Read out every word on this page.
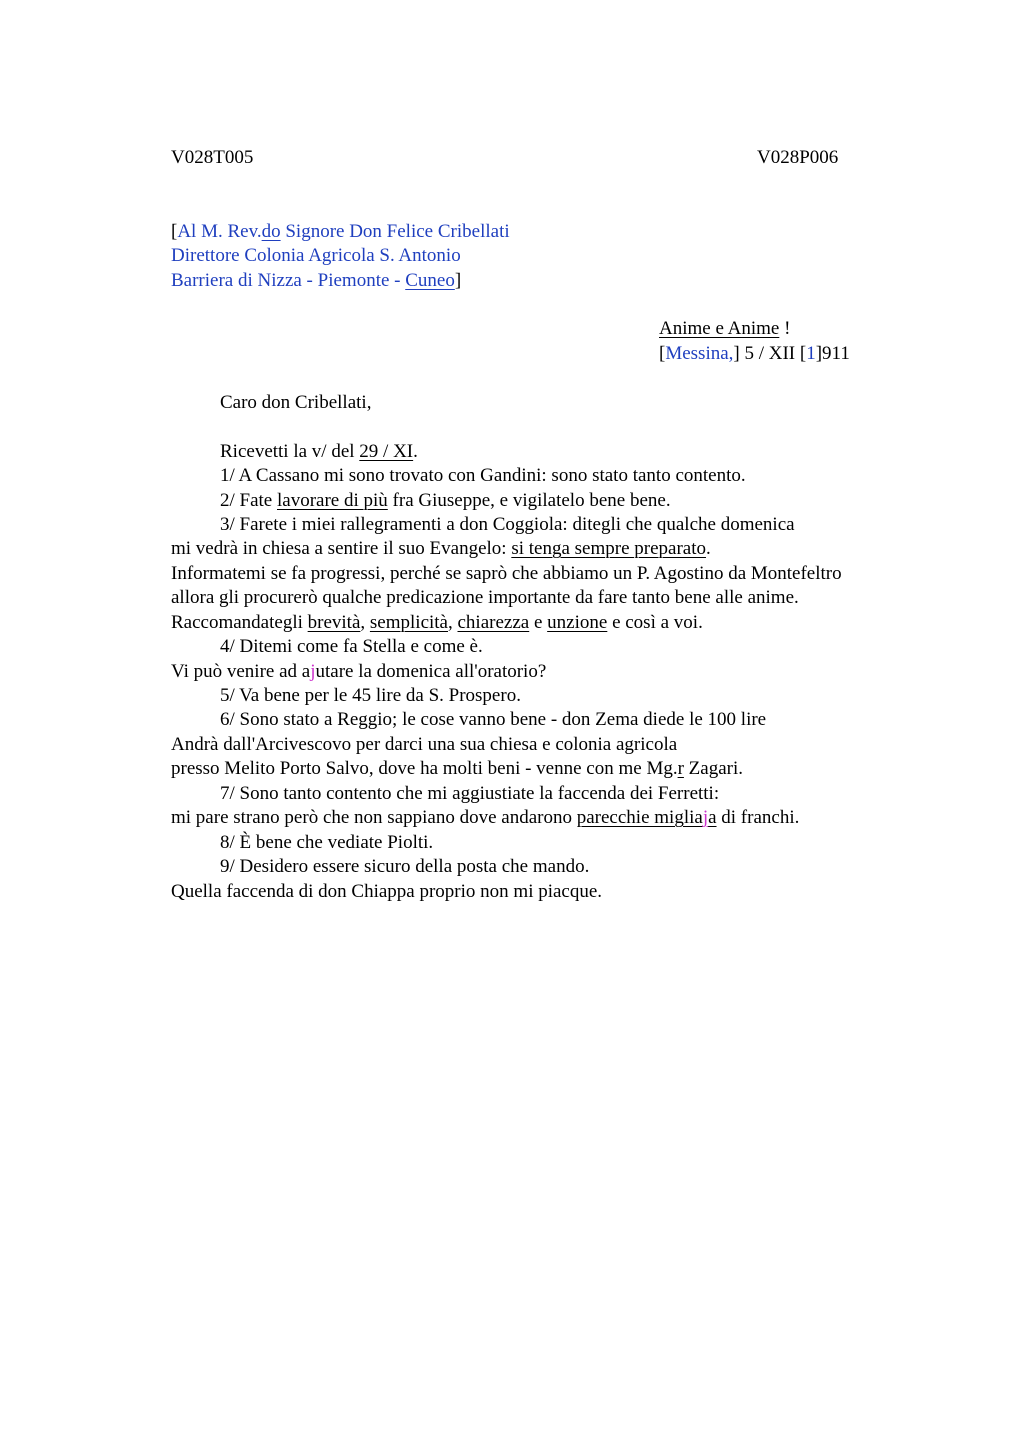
V028T005	V028P006
[Al M. Rev.do Signore Don Felice Cribellati
Direttore Colonia Agricola S. Antonio
Barriera di Nizza - Piemonte - Cuneo]
Anime e Anime !
[Messina,] 5 / XII [1]911
Caro don Cribellati,
Ricevetti la v/ del 29 / XI.
1/ A Cassano mi sono trovato con Gandini: sono stato tanto contento.
2/ Fate lavorare di più fra Giuseppe, e vigilatelo bene bene.
3/ Farete i miei rallegramenti a don Coggiola: ditegli che qualche domenica
mi vedrà in chiesa a sentire il suo Evangelo: si tenga sempre preparato.
Informatemi se fa progressi, perché se saprò che abbiamo un P. Agostino da Montefeltro
allora gli procurerò qualche predicazione importante da fare tanto bene alle anime.
Raccomandategli brevità, semplicità, chiarezza e unzione e così a voi.
4/ Ditemi come fa Stella e come è.
Vi può venire ad ajutare la domenica all'oratorio?
5/ Va bene per le 45 lire da S. Prospero.
6/ Sono stato a Reggio; le cose vanno bene - don Zema diede le 100 lire
Andrà dall'Arcivescovo per darci una sua chiesa e colonia agricola
presso Melito Porto Salvo, dove ha molti beni - venne con me Mg.r Zagari.
7/ Sono tanto contento che mi aggiustiate la faccenda dei Ferretti:
mi pare strano però che non sappiano dove andarono parecchie migliaja di franchi.
8/ È bene che vediate Piolti.
9/ Desidero essere sicuro della posta che mando.
Quella faccenda di don Chiappa proprio non mi piacque.
